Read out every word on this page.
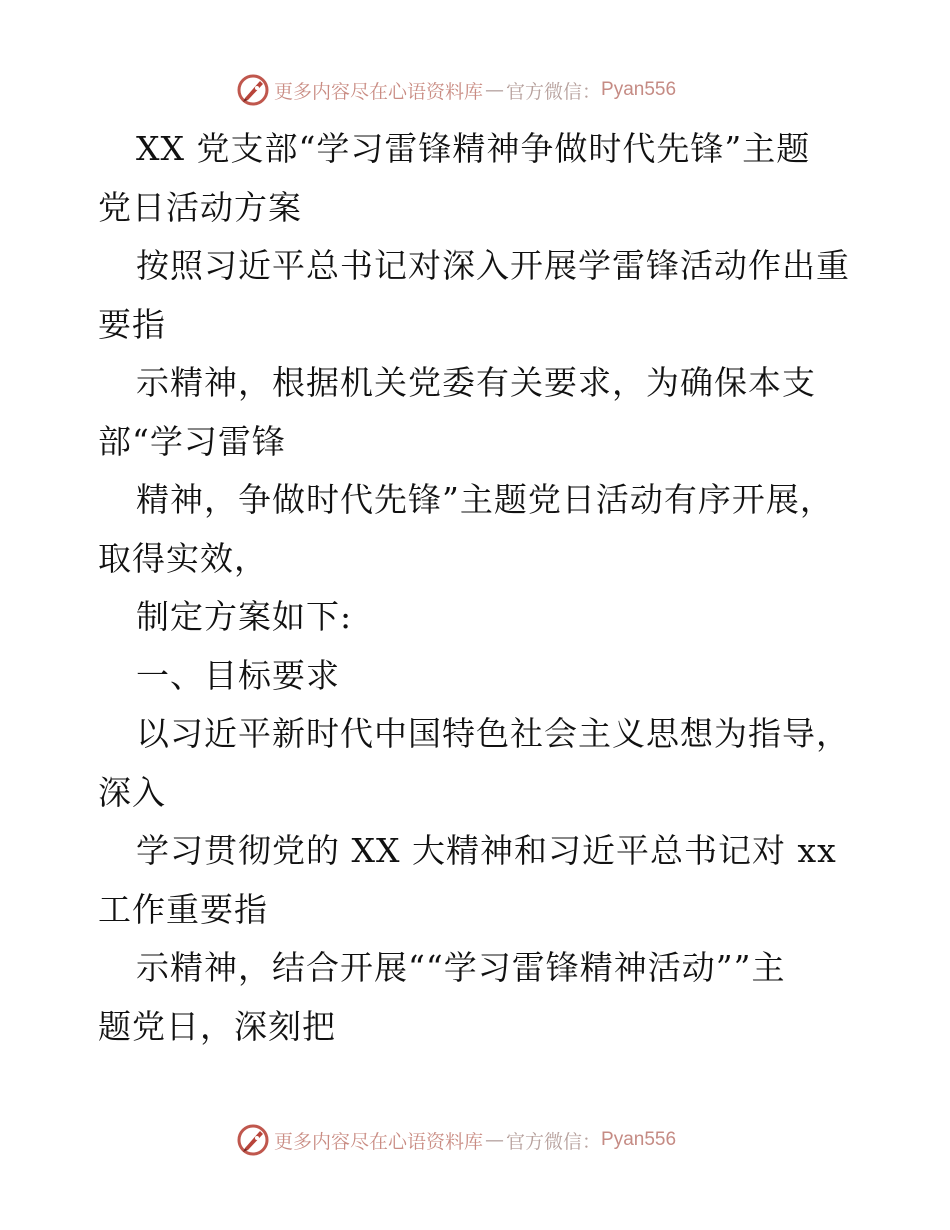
更多内容尽在心语资料库 — 官方微信： Pyan556
XX 党支部“学习雷锋精神争做时代先锋”主题
党日活动方案
按照习近平总书记对深入开展学雷锋活动作出重
要指
示精神，根据机关党委有关要求，为确保本支
部“学习雷锋
精神，争做时代先锋”主题党日活动有序开展，
取得实效，
制定方案如下:
一、目标要求
以习近平新时代中国特色社会主义思想为指导，
深入
学习贯彻党的 XX 大精神和习近平总书记对 xx
工作重要指
示精神，结合开展““学习雷锋精神活动””主
题党日，深刻把
更多内容尽在心语资料库 — 官方微信： Pyan556
